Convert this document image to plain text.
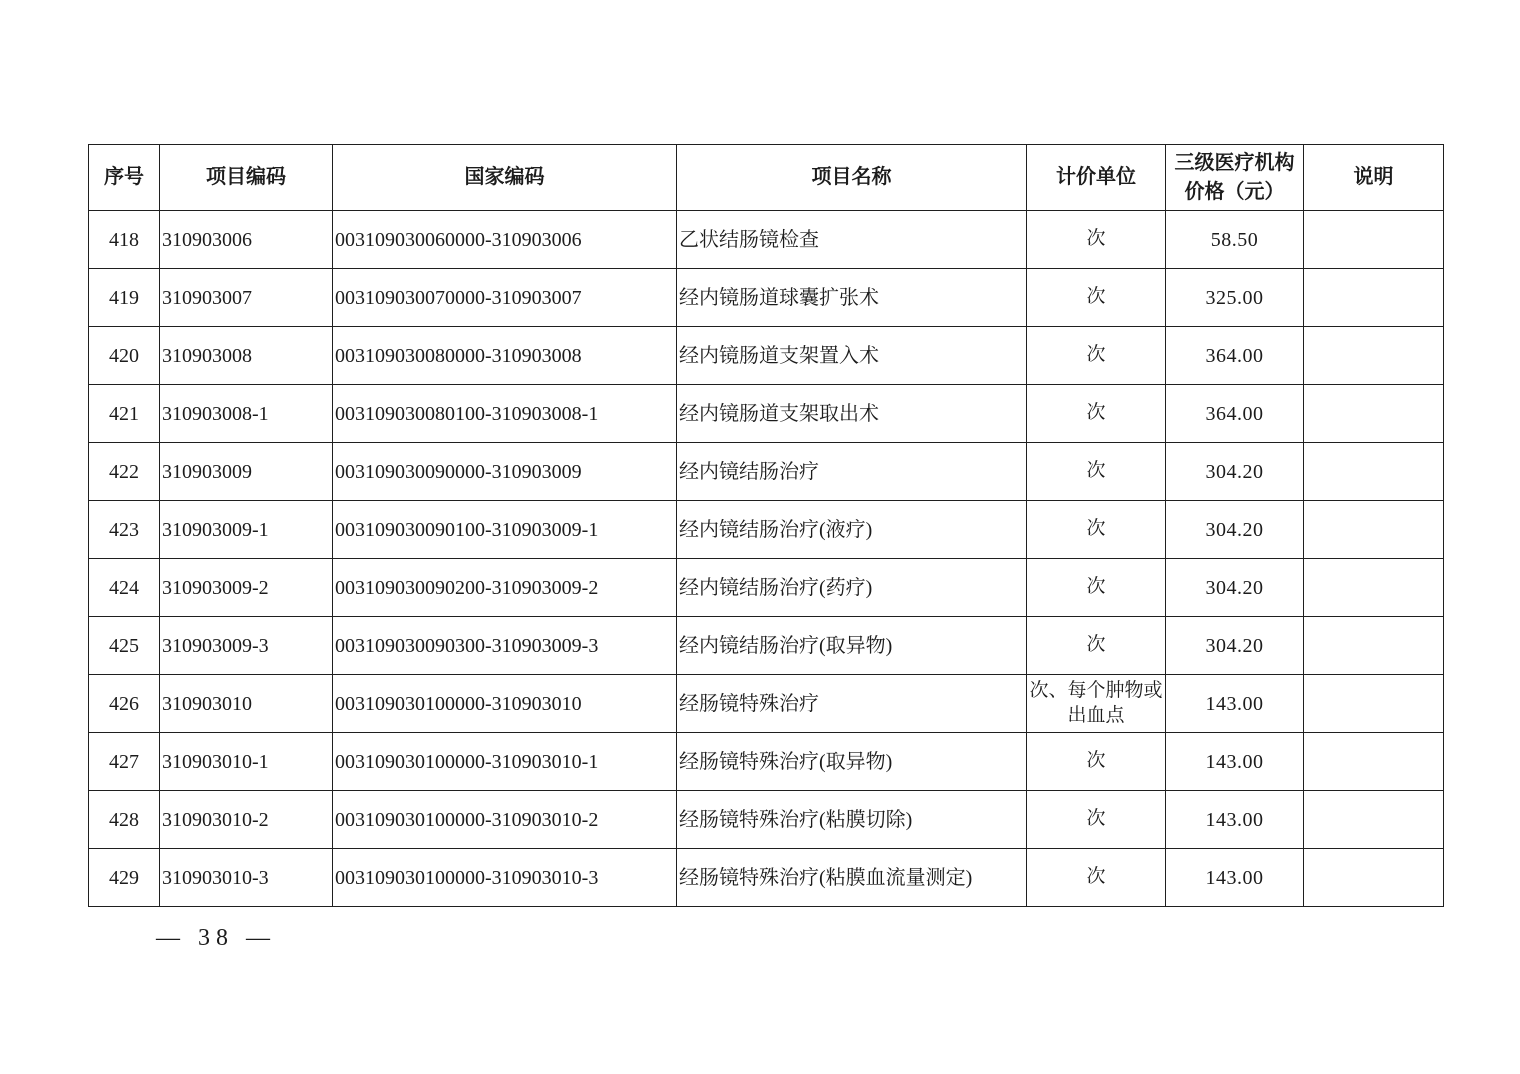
序号	项目编码	国家编码	项目名称	计价单位	三级医疗机构价格（元）	说明
418	310903006	003109030060000-310903006	乙状结肠镜检查	次	58.50	
419	310903007	003109030070000-310903007	经内镜肠道球囊扩张术	次	325.00	
420	310903008	003109030080000-310903008	经内镜肠道支架置入术	次	364.00	
421	310903008-1	003109030080100-310903008-1	经内镜肠道支架取出术	次	364.00	
422	310903009	003109030090000-310903009	经内镜结肠治疗	次	304.20	
423	310903009-1	003109030090100-310903009-1	经内镜结肠治疗(液疗)	次	304.20	
424	310903009-2	003109030090200-310903009-2	经内镜结肠治疗(药疗)	次	304.20	
425	310903009-3	003109030090300-310903009-3	经内镜结肠治疗(取异物)	次	304.20	
426	310903010	003109030100000-310903010	经肠镜特殊治疗	次、每个肿物或出血点	143.00	
427	310903010-1	003109030100000-310903010-1	经肠镜特殊治疗(取异物)	次	143.00	
428	310903010-2	003109030100000-310903010-2	经肠镜特殊治疗(粘膜切除)	次	143.00	
429	310903010-3	003109030100000-310903010-3	经肠镜特殊治疗(粘膜血流量测定)	次	143.00	
— 38 —
